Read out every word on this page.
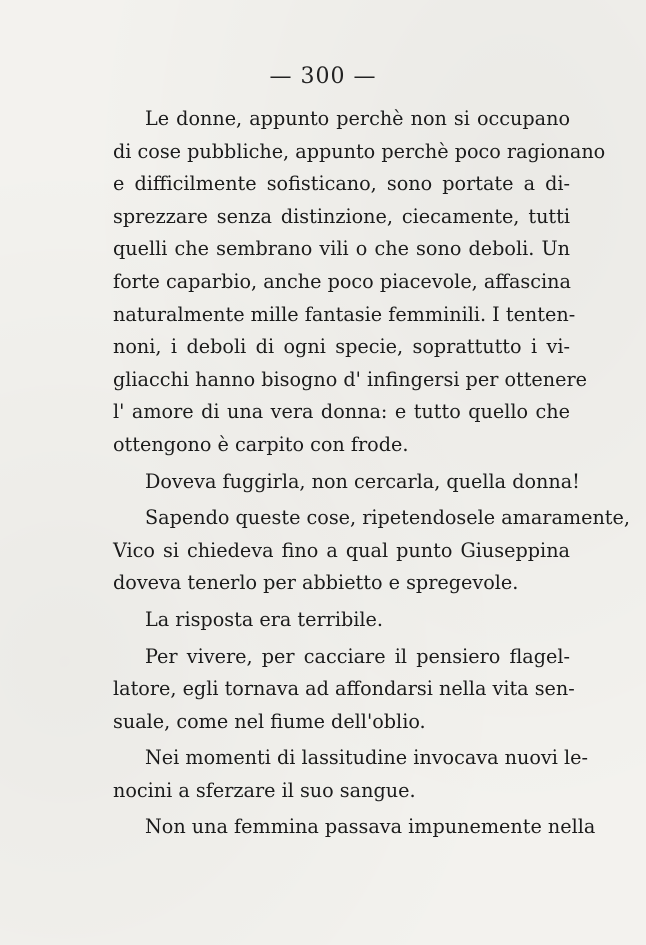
— 300 —
Le donne, appunto perchè non si occupano
di cose pubbliche, appunto perchè poco ragionano
e difficilmente sofisticano, sono portate a di-
sprezzare senza distinzione, ciecamente, tutti
quelli che sembrano vili o che sono deboli. Un
forte caparbio, anche poco piacevole, affascina
naturalmente mille fantasie femminili. I tenten-
noni, i deboli di ogni specie, soprattutto i vi-
gliacchi hanno bisogno d' infingersi per ottenere
l' amore di una vera donna: e tutto quello che
ottengono è carpito con frode.
Doveva fuggirla, non cercarla, quella donna!
Sapendo queste cose, ripetendosele amaramente,
Vico si chiedeva fino a qual punto Giuseppina
doveva tenerlo per abbietto e spregevole.
La risposta era terribile.
Per vivere, per cacciare il pensiero flagel-
latore, egli tornava ad affondarsi nella vita sen-
suale, come nel fiume dell'oblio.
Nei momenti di lassitudine invocava nuovi le-
nocini a sferzare il suo sangue.
Non una femmina passava impunemente nella
